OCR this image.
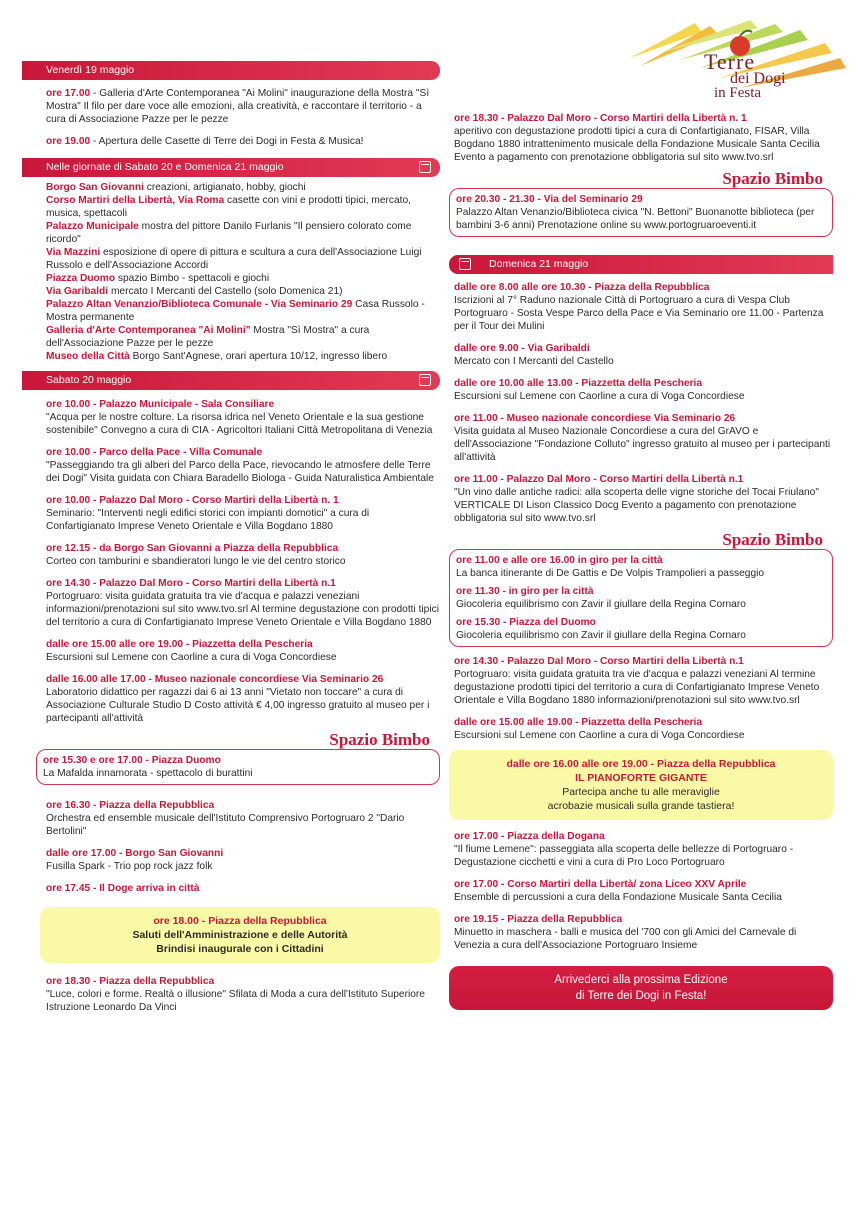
Terre
dei Dogi
in Festa
Venerdì 19 maggio
ore 17.00 - Galleria d'Arte Contemporanea "Ai Molini" inaugurazione della Mostra "Sì Mostra" Il filo per dare voce alle emozioni, alla creatività, e raccontare il territorio - a cura di Associazione Pazze per le pezze
ore 19.00 - Apertura delle Casette di Terre dei Dogi in Festa & Musica!
Nelle giornate di Sabato 20 e Domenica 21 maggio

Borgo San Giovanni creazioni, artigianato, hobby, giochi

Corso Martiri della Libertà, Via Roma casette con vini e prodotti tipici, mercato, musica, spettacoli

Palazzo Municipale mostra del pittore Danilo Furlanis "Il pensiero colorato come ricordo"

Via Mazzini esposizione di opere di pittura e scultura a cura dell'Associazione Luigi Russolo e dell'Associazione Accordi

Piazza Duomo spazio Bimbo - spettacoli e giochi

Via Garibaldi mercato I Mercanti del Castello (solo Domenica 21)

Palazzo Altan Venanzio/Biblioteca Comunale - Via Seminario 29 Casa Russolo - Mostra permanente

Galleria d'Arte Contemporanea "Ai Molini" Mostra "Sì Mostra" a cura dell'Associazione Pazze per le pezze

Museo della Città Borgo Sant'Agnese, orari apertura 10/12, ingresso libero

Sabato 20 maggio

ore 10.00 - Palazzo Municipale - Sala Consiliare

"Acqua per le nostre colture. La risorsa idrica nel Veneto Orientale e la sua gestione sostenibile" Convegno a cura di CIA - Agricoltori Italiani Città Metropolitana di Venezia

ore 10.00 - Parco della Pace - Villa Comunale

"Passeggiando tra gli alberi del Parco della Pace, rievocando le atmosfere delle Terre dei Dogi" Visita guidata con Chiara Baradello Biologa - Guida Naturalistica Ambientale

ore 10.00 - Palazzo Dal Moro - Corso Martiri della Libertà n. 1

Seminario: "Interventi negli edifici storici con impianti domotici" a cura di Confartigianato Imprese Veneto Orientale e Villa Bogdano 1880

ore 12.15 - da Borgo San Giovanni a Piazza della Repubblica

Corteo con tamburini e sbandieratori lungo le vie del centro storico

ore 14.30 - Palazzo Dal Moro - Corso Martiri della Libertà n.1

Portogruaro: visita guidata gratuita tra vie d'acqua e palazzi veneziani informazioni/prenotazioni sul sito www.tvo.srl Al termine degustazione con prodotti tipici del territorio a cura di Confartigianato Imprese Veneto Orientale e Villa Bogdano 1880

dalle ore 15.00 alle ore 19.00 - Piazzetta della Pescheria

Escursioni sul Lemene con Caorline a cura di Voga Concordiese

dalle 16.00 alle 17.00 - Museo nazionale concordiese Via Seminario 26

Laboratorio didattico per ragazzi dai 6 ai 13 anni "Vietato non toccare" a cura di Associazione Culturale Studio D Costo attività € 4,00 ingresso gratuito al museo per i partecipanti all'attività

Spazio Bimbo

ore 15.30 e ore 17.00 - Piazza Duomo

La Mafalda innamorata - spettacolo di burattini

ore 16.30 - Piazza della Repubblica

Orchestra ed ensemble musicale dell'Istituto Comprensivo Portogruaro 2 "Dario Bertolini"

dalle ore 17.00 - Borgo San Giovanni

Fusilla Spark - Trio pop rock jazz folk

ore 17.45 - Il Doge arriva in città

ore 18.00 - Piazza della Repubblica

Saluti dell'Amministrazione e delle Autorità

Brindisi inaugurale con i Cittadini

ore 18.30 - Piazza della Repubblica

"Luce, colori e forme. Realtà o illusione" Sfilata di Moda a cura dell'Istituto Superiore Istruzione Leonardo Da Vinci

ore 18.30 - Palazzo Dal Moro - Corso Martiri della Libertà n. 1

aperitivo con degustazione prodotti tipici a cura di Confartigianato, FISAR, Villa Bogdano 1880 intrattenimento musicale della Fondazione Musicale Santa Cecilia Evento a pagamento con prenotazione obbligatoria sul sito www.tvo.srl

Spazio Bimbo

ore 20.30 - 21.30 - Via del Seminario 29

Palazzo Altan Venanzio/Biblioteca civica "N. Bettoni" Buonanotte biblioteca (per bambini 3-6 anni) Prenotazione online su www.portogruaroeventi.it

Domenica 21 maggio

dalle ore 8.00 alle ore 10.30 - Piazza della Repubblica

Iscrizioni al 7° Raduno nazionale Città di Portogruaro a cura di Vespa Club Portogruaro - Sosta Vespe Parco della Pace e Via Seminario ore 11.00 - Partenza per il Tour dei Mulini

dalle ore 9.00 - Via Garibaldi

Mercato con I Mercanti del Castello

dalle ore 10.00 alle 13.00 - Piazzetta della Pescheria

Escursioni sul Lemene con Caorline a cura di Voga Concordiese

ore 11.00 - Museo nazionale concordiese Via Seminario 26

Visita guidata al Museo Nazionale Concordiese a cura del GrAVO e dell'Associazione "Fondazione Colluto" ingresso gratuito al museo per i partecipanti all'attività

ore 11.00 - Palazzo Dal Moro - Corso Martiri della Libertà n.1

"Un vino dalle antiche radici: alla scoperta delle vigne storiche del Tocai Friulano" VERTICALE DI Lison Classico Docg Evento a pagamento con prenotazione obbligatoria sul sito www.tvo.srl

Spazio Bimbo

ore 11.00 e alle ore 16.00 in giro per la città

La banca itinerante di De Gattis e De Volpis Trampolieri a passeggio

ore 11.30 - in giro per la città

Giocoleria equilibrismo con Zavir il giullare della Regina Cornaro

ore 15.30 - Piazza del Duomo

Giocoleria equilibrismo con Zavir il giullare della Regina Cornaro

ore 14.30 - Palazzo Dal Moro - Corso Martiri della Libertà n.1

Portogruaro: visita guidata gratuita tra vie d'acqua e palazzi veneziani Al termine degustazione prodotti tipici del territorio a cura di Confartigianato Imprese Veneto Orientale e Villa Bogdano 1880 informazioni/prenotazioni sul sito www.tvo.srl

dalle ore 15.00 alle 19.00 - Piazzetta della Pescheria

Escursioni sul Lemene con Caorline a cura di Voga Concordiese

dalle ore 16.00 alle ore 19.00 - Piazza della Repubblica

IL PIANOFORTE GIGANTE

Partecipa anche tu alle meraviglie

acrobazie musicali sulla grande tastiera!

ore 17.00 - Piazza della Dogana

"Il fiume Lemene": passeggiata alla scoperta delle bellezze di Portogruaro - Degustazione cicchetti e vini a cura di Pro Loco Portogruaro

ore 17.00 - Corso Martiri della Libertà/ zona Liceo XXV Aprile

Ensemble di percussioni a cura della Fondazione Musicale Santa Cecilia

ore 19.15 - Piazza della Repubblica

Minuetto in maschera - balli e musica del '700 con gli Amici del Carnevale di Venezia a cura dell'Associazione Portogruaro Insieme

Arrivederci alla prossima Edizione

di Terre dei Dogi in Festa!
